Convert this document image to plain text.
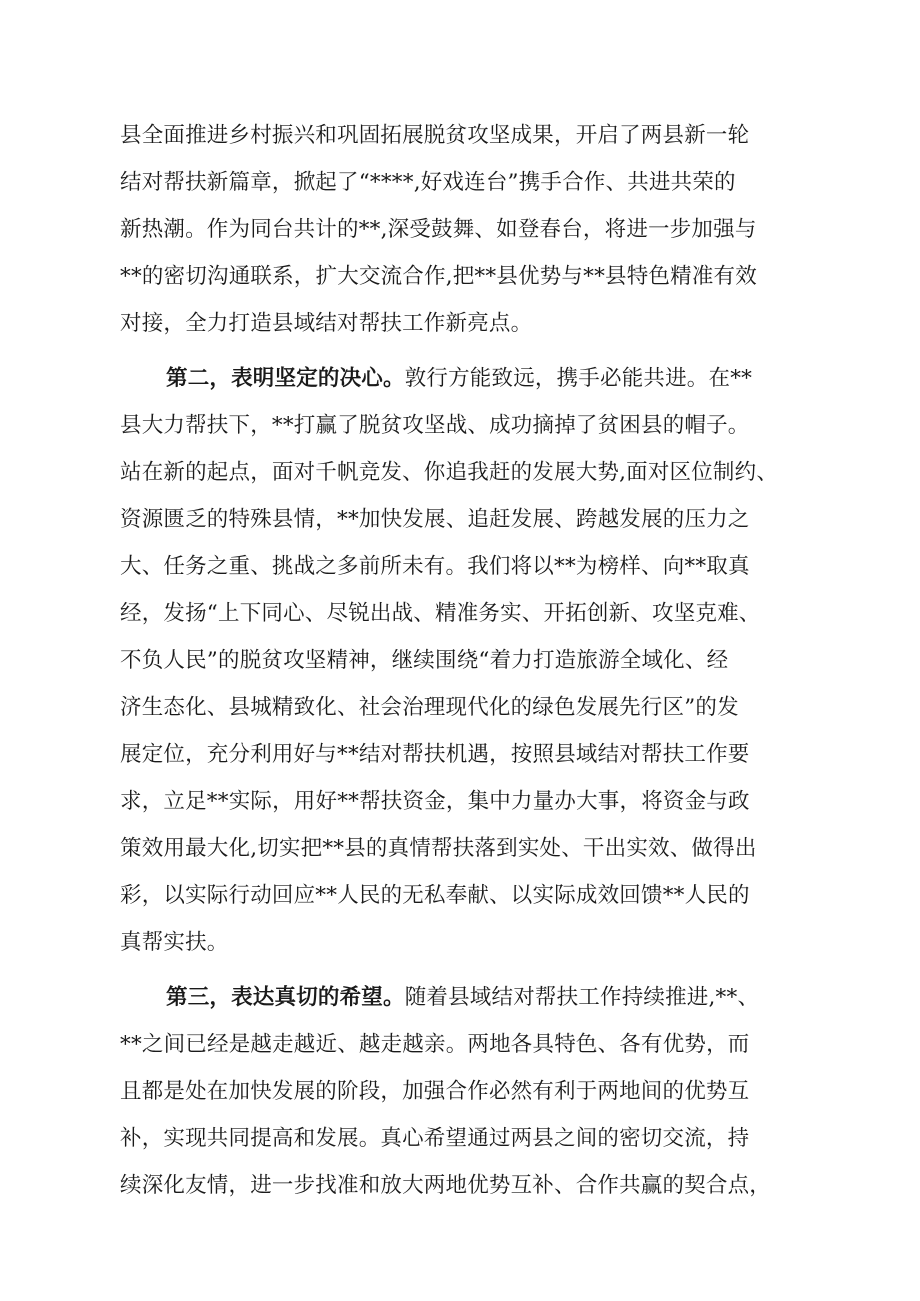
县全面推进乡村振兴和巩固拓展脱贫攻坚成果，开启了两县新一轮
结对帮扶新篇章，掀起了“****,好戏连台”携手合作、共进共荣的
新热潮。作为同台共计的**,深受鼓舞、如登春台，将进一步加强与
**的密切沟通联系，扩大交流合作,把**县优势与**县特色精准有效
对接，全力打造县域结对帮扶工作新亮点。
第二，表明坚定的决心。敦行方能致远，携手必能共进。在**
县大力帮扶下，**打赢了脱贫攻坚战、成功摘掉了贫困县的帽子。
站在新的起点，面对千帆竞发、你追我赶的发展大势,面对区位制约、
资源匮乏的特殊县情，**加快发展、追赶发展、跨越发展的压力之
大、任务之重、挑战之多前所未有。我们将以**为榜样、向**取真
经，发扬“上下同心、尽锐出战、精准务实、开拓创新、攻坚克难、
不负人民”的脱贫攻坚精神，继续围绕“着力打造旅游全域化、经
济生态化、县城精致化、社会治理现代化的绿色发展先行区”的发
展定位，充分利用好与**结对帮扶机遇，按照县域结对帮扶工作要
求，立足**实际，用好**帮扶资金，集中力量办大事，将资金与政
策效用最大化,切实把**县的真情帮扶落到实处、干出实效、做得出
彩，以实际行动回应**人民的无私奉献、以实际成效回馈**人民的
真帮实扶。
第三，表达真切的希望。随着县域结对帮扶工作持续推进,**、
**之间已经是越走越近、越走越亲。两地各具特色、各有优势，而
且都是处在加快发展的阶段，加强合作必然有利于两地间的优势互
补，实现共同提高和发展。真心希望通过两县之间的密切交流，持
续深化友情，进一步找准和放大两地优势互补、合作共赢的契合点，
